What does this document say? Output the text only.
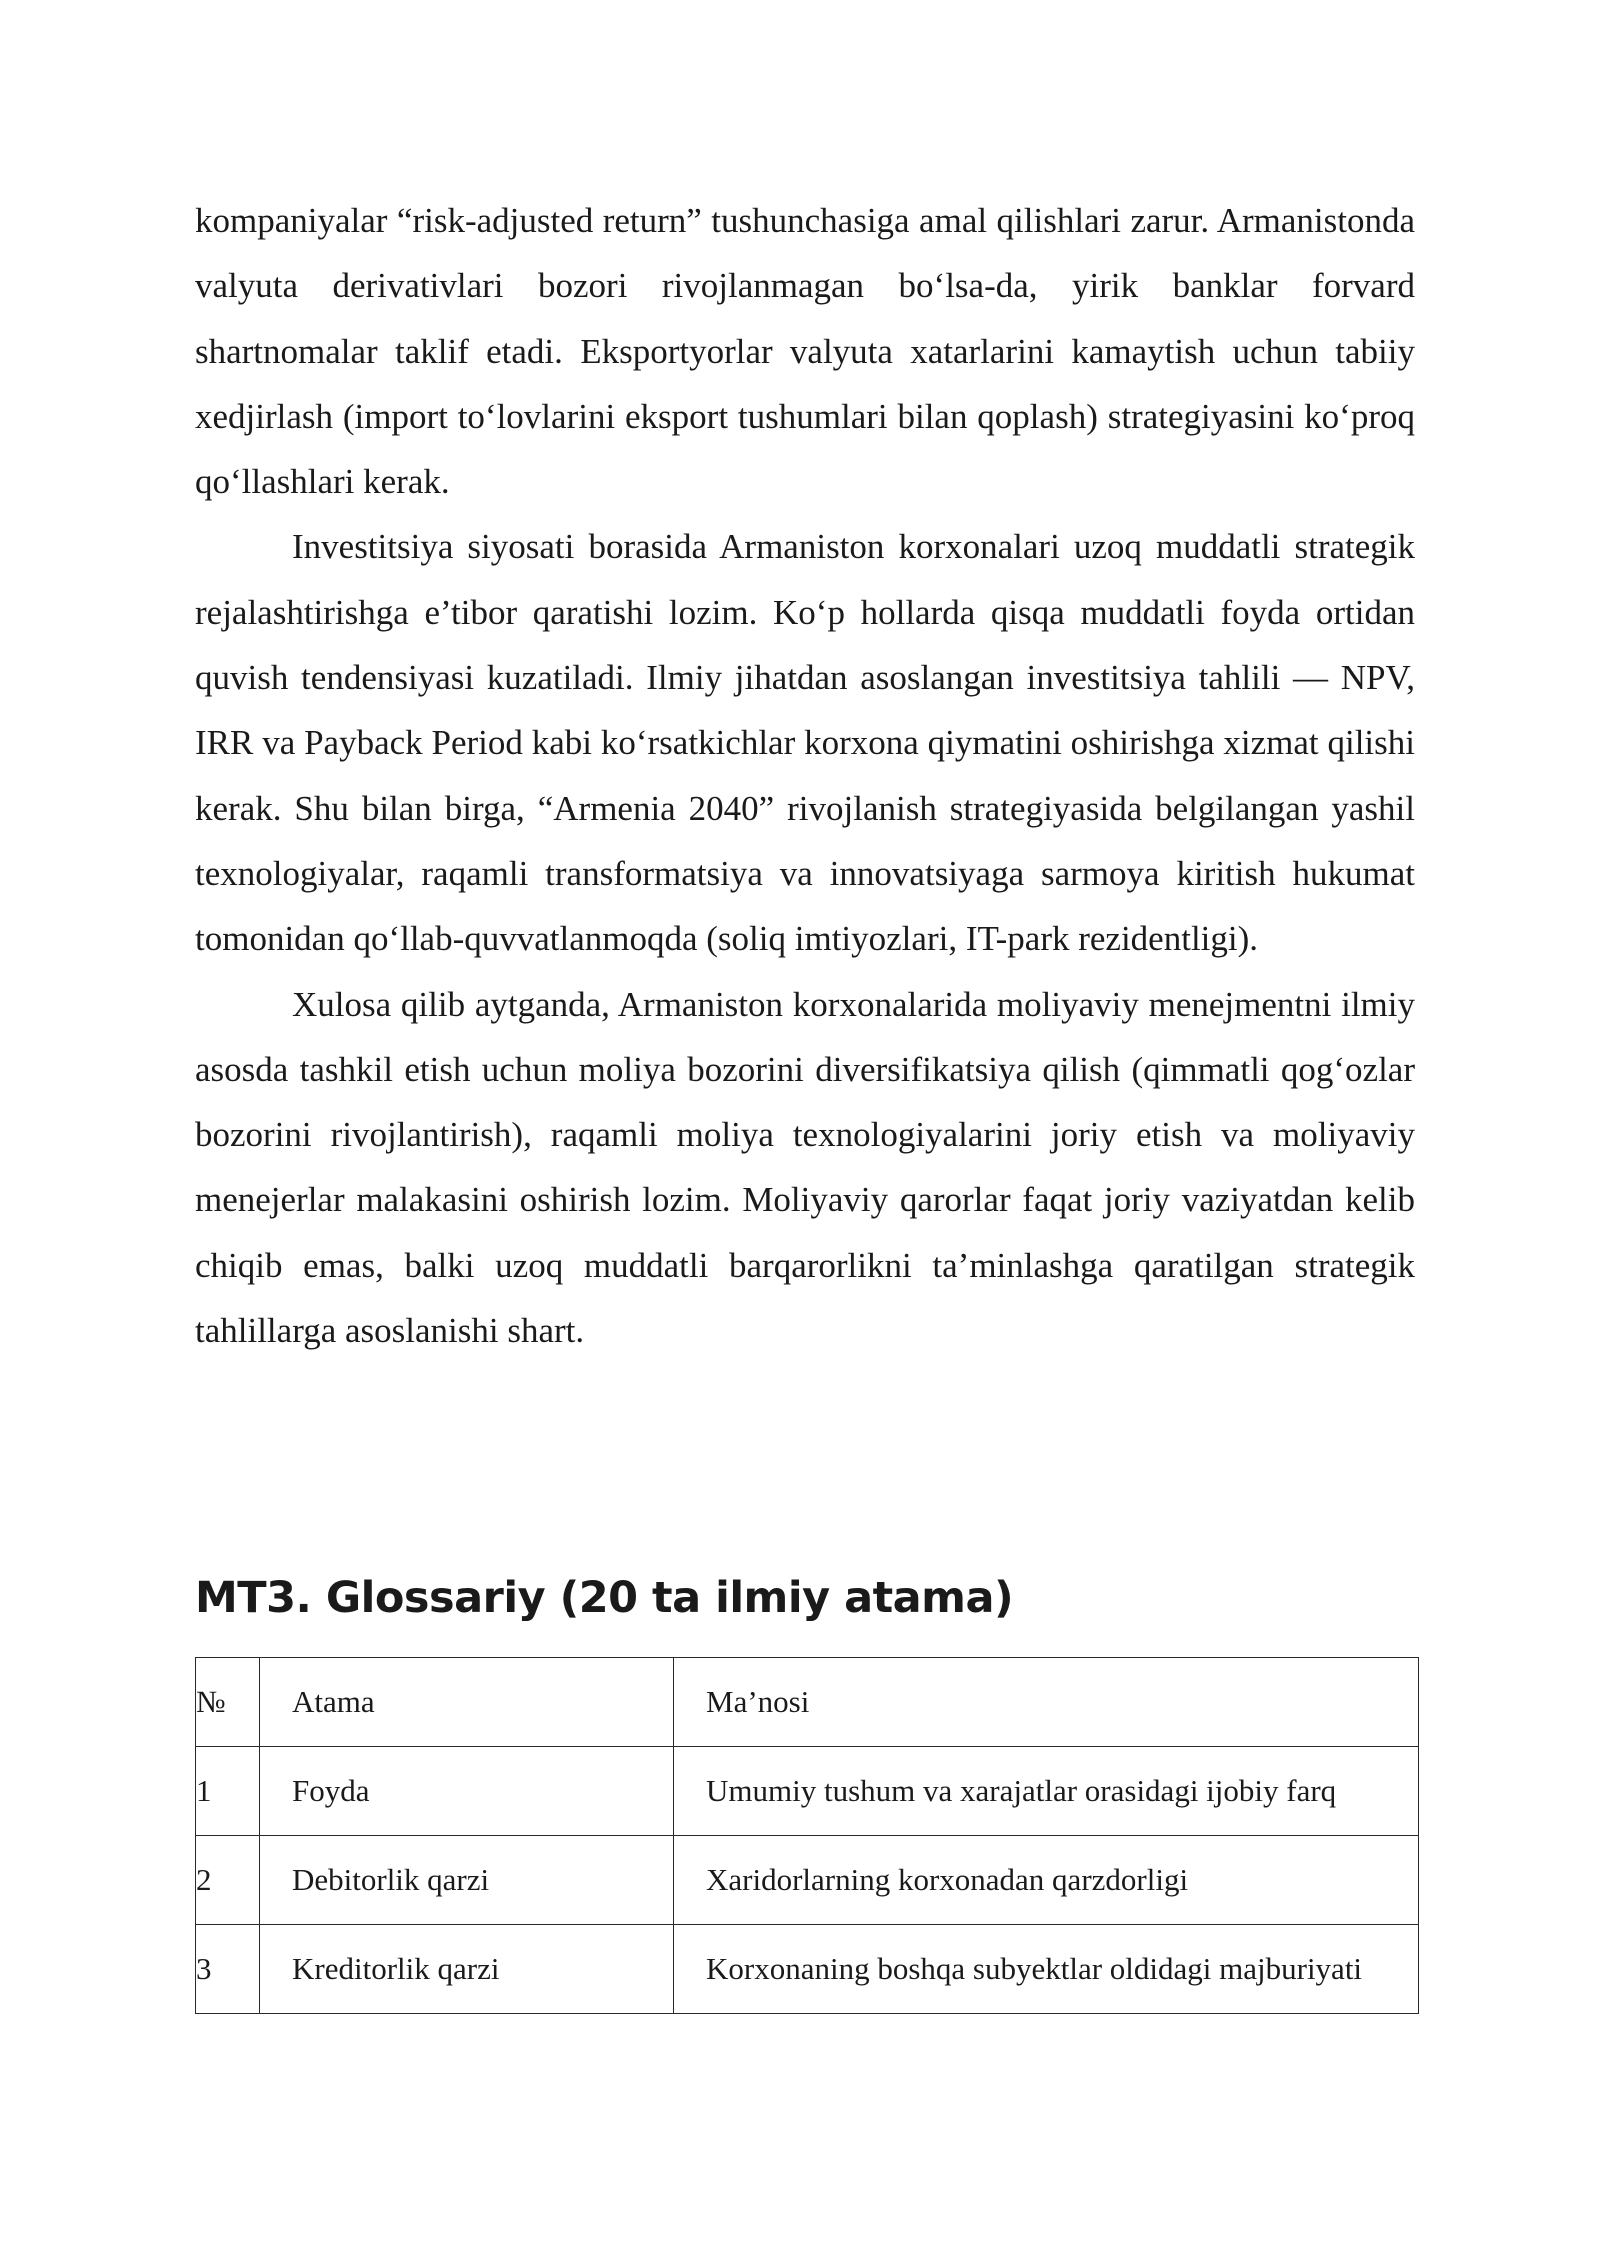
kompaniyalar “risk-adjusted return” tushunchasiga amal qilishlari zarur. Armanistonda valyuta derivativlari bozori rivojlanmagan bo‘lsa-da, yirik banklar forvard shartnomalar taklif etadi. Eksportyorlar valyuta xatarlarini kamaytish uchun tabiiy xedjirlash (import to‘lovlarini eksport tushumlari bilan qoplash) strategiyasini ko‘proq qo‘llashlari kerak.

Investitsiya siyosati borasida Armaniston korxonalari uzoq muddatli strategik rejalashtirishga e’tibor qaratishi lozim. Ko‘p hollarda qisqa muddatli foyda ortidan quvish tendensiyasi kuzatiladi. Ilmiy jihatdan asoslangan investitsiya tahlili — NPV, IRR va Payback Period kabi ko‘rsatkichlar korxona qiymatini oshirishga xizmat qilishi kerak. Shu bilan birga, “Armenia 2040” rivojlanish strategiyasida belgilangan yashil texnologiyalar, raqamli transformatsiya va innovatsiyaga sarmoya kiritish hukumat tomonidan qo‘llab-quvvatlanmoqda (soliq imtiyozlari, IT-park rezidentligi).

Xulosa qilib aytganda, Armaniston korxonalarida moliyaviy menejmentni ilmiy asosda tashkil etish uchun moliya bozorini diversifikatsiya qilish (qimmatli qog‘ozlar bozorini rivojlantirish), raqamli moliya texnologiyalarini joriy etish va moliyaviy menejerlar malakasini oshirish lozim. Moliyaviy qarorlar faqat joriy vaziyatdan kelib chiqib emas, balki uzoq muddatli barqarorlikni ta’minlashga qaratilgan strategik tahlillarga asoslanishi shart.

MT3. Glossariy (20 ta ilmiy atama)
№	Atama	Ma’nosi
1	Foyda	Umumiy tushum va xarajatlar orasidagi ijobiy farq
2	Debitorlik qarzi	Xaridorlarning korxonadan qarzdorligi
3	Kreditorlik qarzi	Korxonaning boshqa subyektlar oldidagi majburiyati
